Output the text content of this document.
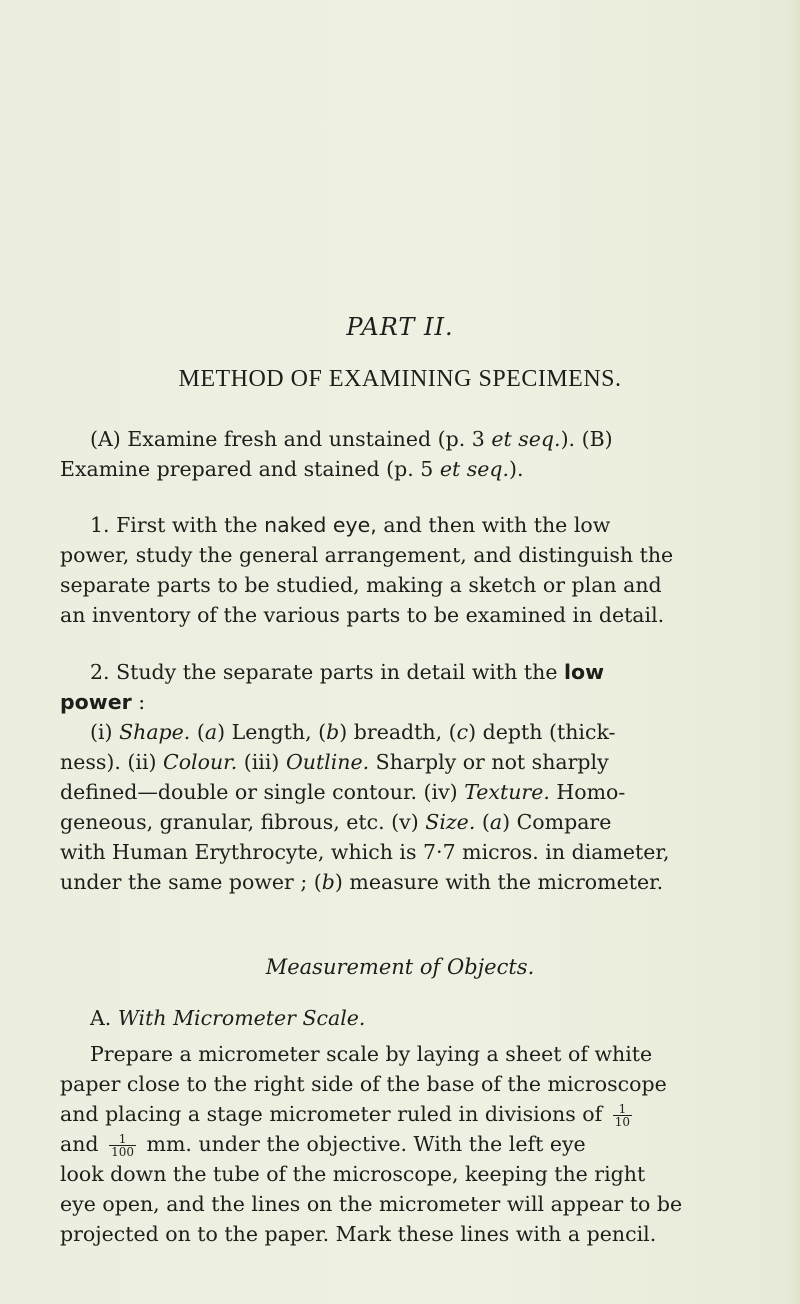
PART II.
METHOD OF EXAMINING SPECIMENS.
(A) Examine fresh and unstained (p. 3 et seq.). (B)
Examine prepared and stained (p. 5 et seq.).
1. First with the naked eye, and then with the low
power, study the general arrangement, and distinguish the
separate parts to be studied, making a sketch or plan and
an inventory of the various parts to be examined in detail.
2. Study the separate parts in detail with the low
power :
(i) Shape. (a) Length, (b) breadth, (c) depth (thick-
ness). (ii) Colour. (iii) Outline. Sharply or not sharply
defined—double or single contour. (iv) Texture. Homo-
geneous, granular, fibrous, etc. (v) Size. (a) Compare
with Human Erythrocyte, which is 7·7 micros. in diameter,
under the same power ; (b) measure with the micrometer.
Measurement of Objects.
A. With Micrometer Scale.
Prepare a micrometer scale by laying a sheet of white
paper close to the right side of the base of the microscope
and placing a stage micrometer ruled in divisions of $\frac{1}{10}$
and $\frac{1}{100}$ mm. under the objective. With the left eye
look down the tube of the microscope, keeping the right
eye open, and the lines on the micrometer will appear to be
projected on to the paper. Mark these lines with a pencil.
